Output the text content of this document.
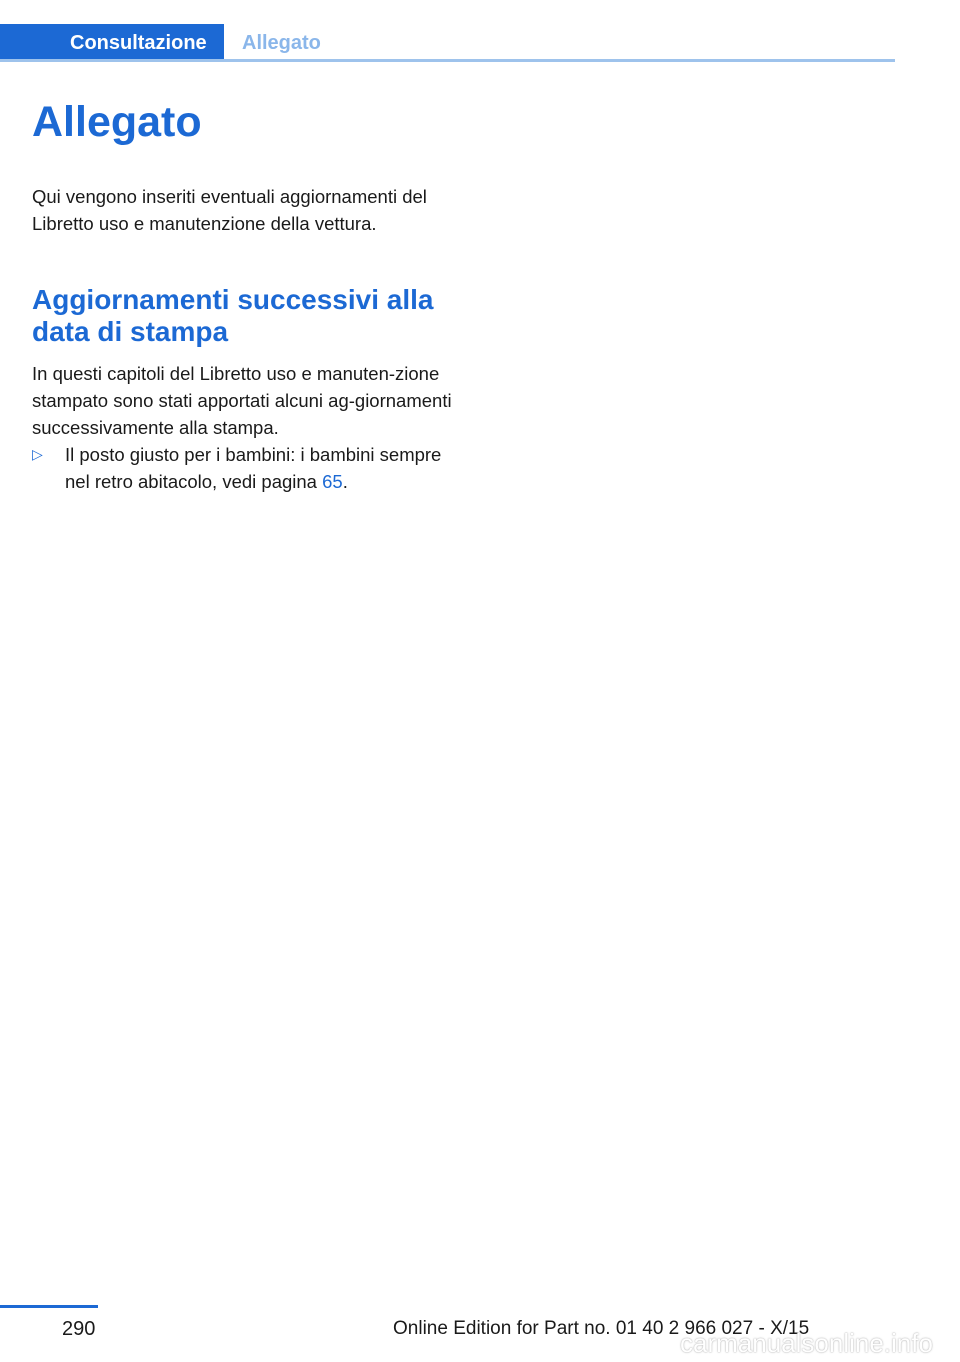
Consultazione	Allegato
Allegato

Qui vengono inseriti eventuali aggiornamenti del Libretto uso e manutenzione della vettura.

Aggiornamenti successivi alla data di stampa

In questi capitoli del Libretto uso e manuten-zione stampato sono stati apportati alcuni ag-giornamenti successivamente alla stampa.

▷ Il posto giusto per i bambini: i bambini sempre nel retro abitacolo, vedi pagina 65.
290	Online Edition for Part no. 01 40 2 966 027 - X/15
carmanualsonline.info
